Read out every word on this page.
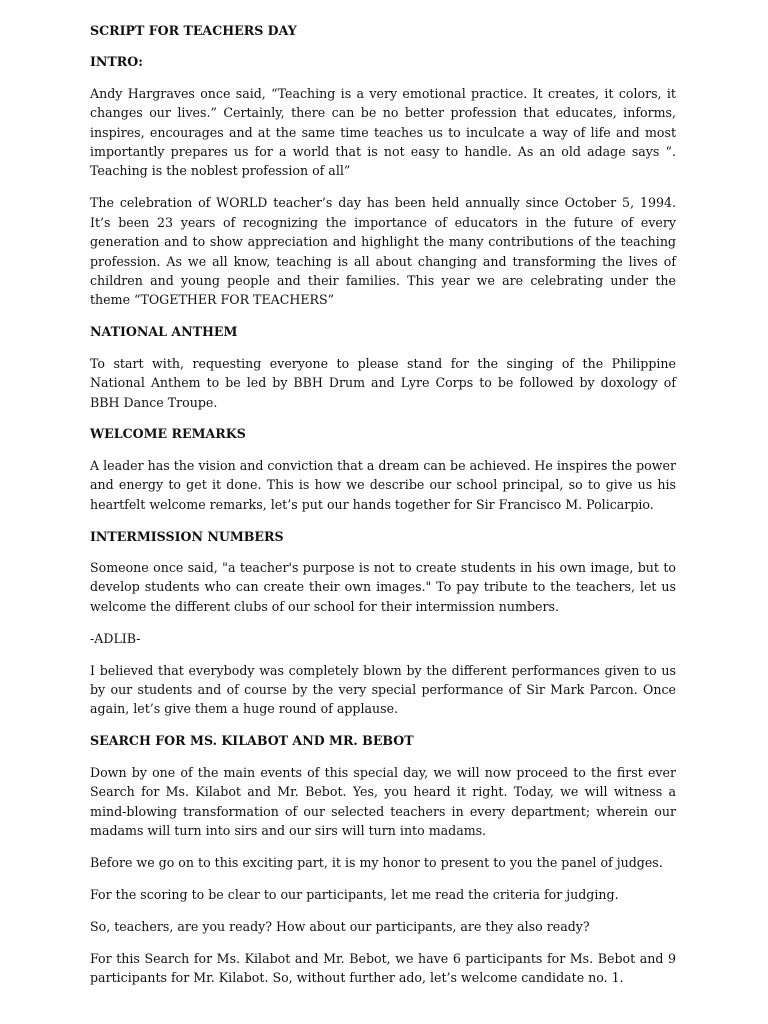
SCRIPT FOR TEACHERS DAY
INTRO:

Andy Hargraves once said, “Teaching is a very emotional practice. It creates, it colors, it changes our lives.” Certainly, there can be no better profession that educates, informs, inspires, encourages and at the same time teaches us to inculcate a way of life and most importantly prepares us for a world that is not easy to handle. As an old adage says “. Teaching is the noblest profession of all”

The celebration of WORLD teacher’s day has been held annually since October 5, 1994. It’s been 23 years of recognizing the importance of educators in the future of every generation and to show appreciation and highlight the many contributions of the teaching profession. As we all know, teaching is all about changing and transforming the lives of children and young people and their families. This year we are celebrating under the theme “TOGETHER FOR TEACHERS”

NATIONAL ANTHEM

To start with, requesting everyone to please stand for the singing of the Philippine National Anthem to be led by BBH Drum and Lyre Corps to be followed by doxology of BBH Dance Troupe.

WELCOME REMARKS

A leader has the vision and conviction that a dream can be achieved. He inspires the power and energy to get it done. This is how we describe our school principal, so to give us his heartfelt welcome remarks, let’s put our hands together for Sir Francisco M. Policarpio.

INTERMISSION NUMBERS

Someone once said, "a teacher's purpose is not to create students in his own image, but to develop students who can create their own images." To pay tribute to the teachers, let us welcome the different clubs of our school for their intermission numbers.

-ADLIB-

I believed that everybody was completely blown by the different performances given to us by our students and of course by the very special performance of Sir Mark Parcon. Once again, let’s give them a huge round of applause.

SEARCH FOR MS. KILABOT AND MR. BEBOT

Down by one of the main events of this special day, we will now proceed to the first ever Search for Ms. Kilabot and Mr. Bebot. Yes, you heard it right. Today, we will witness a mind-blowing transformation of our selected teachers in every department; wherein our madams will turn into sirs and our sirs will turn into madams.

Before we go on to this exciting part, it is my honor to present to you the panel of judges.

For the scoring to be clear to our participants, let me read the criteria for judging.

So, teachers, are you ready? How about our participants, are they also ready?

For this Search for Ms. Kilabot and Mr. Bebot, we have 6 participants for Ms. Bebot and 9 participants for Mr. Kilabot. So, without further ado, let’s welcome candidate no. 1.
